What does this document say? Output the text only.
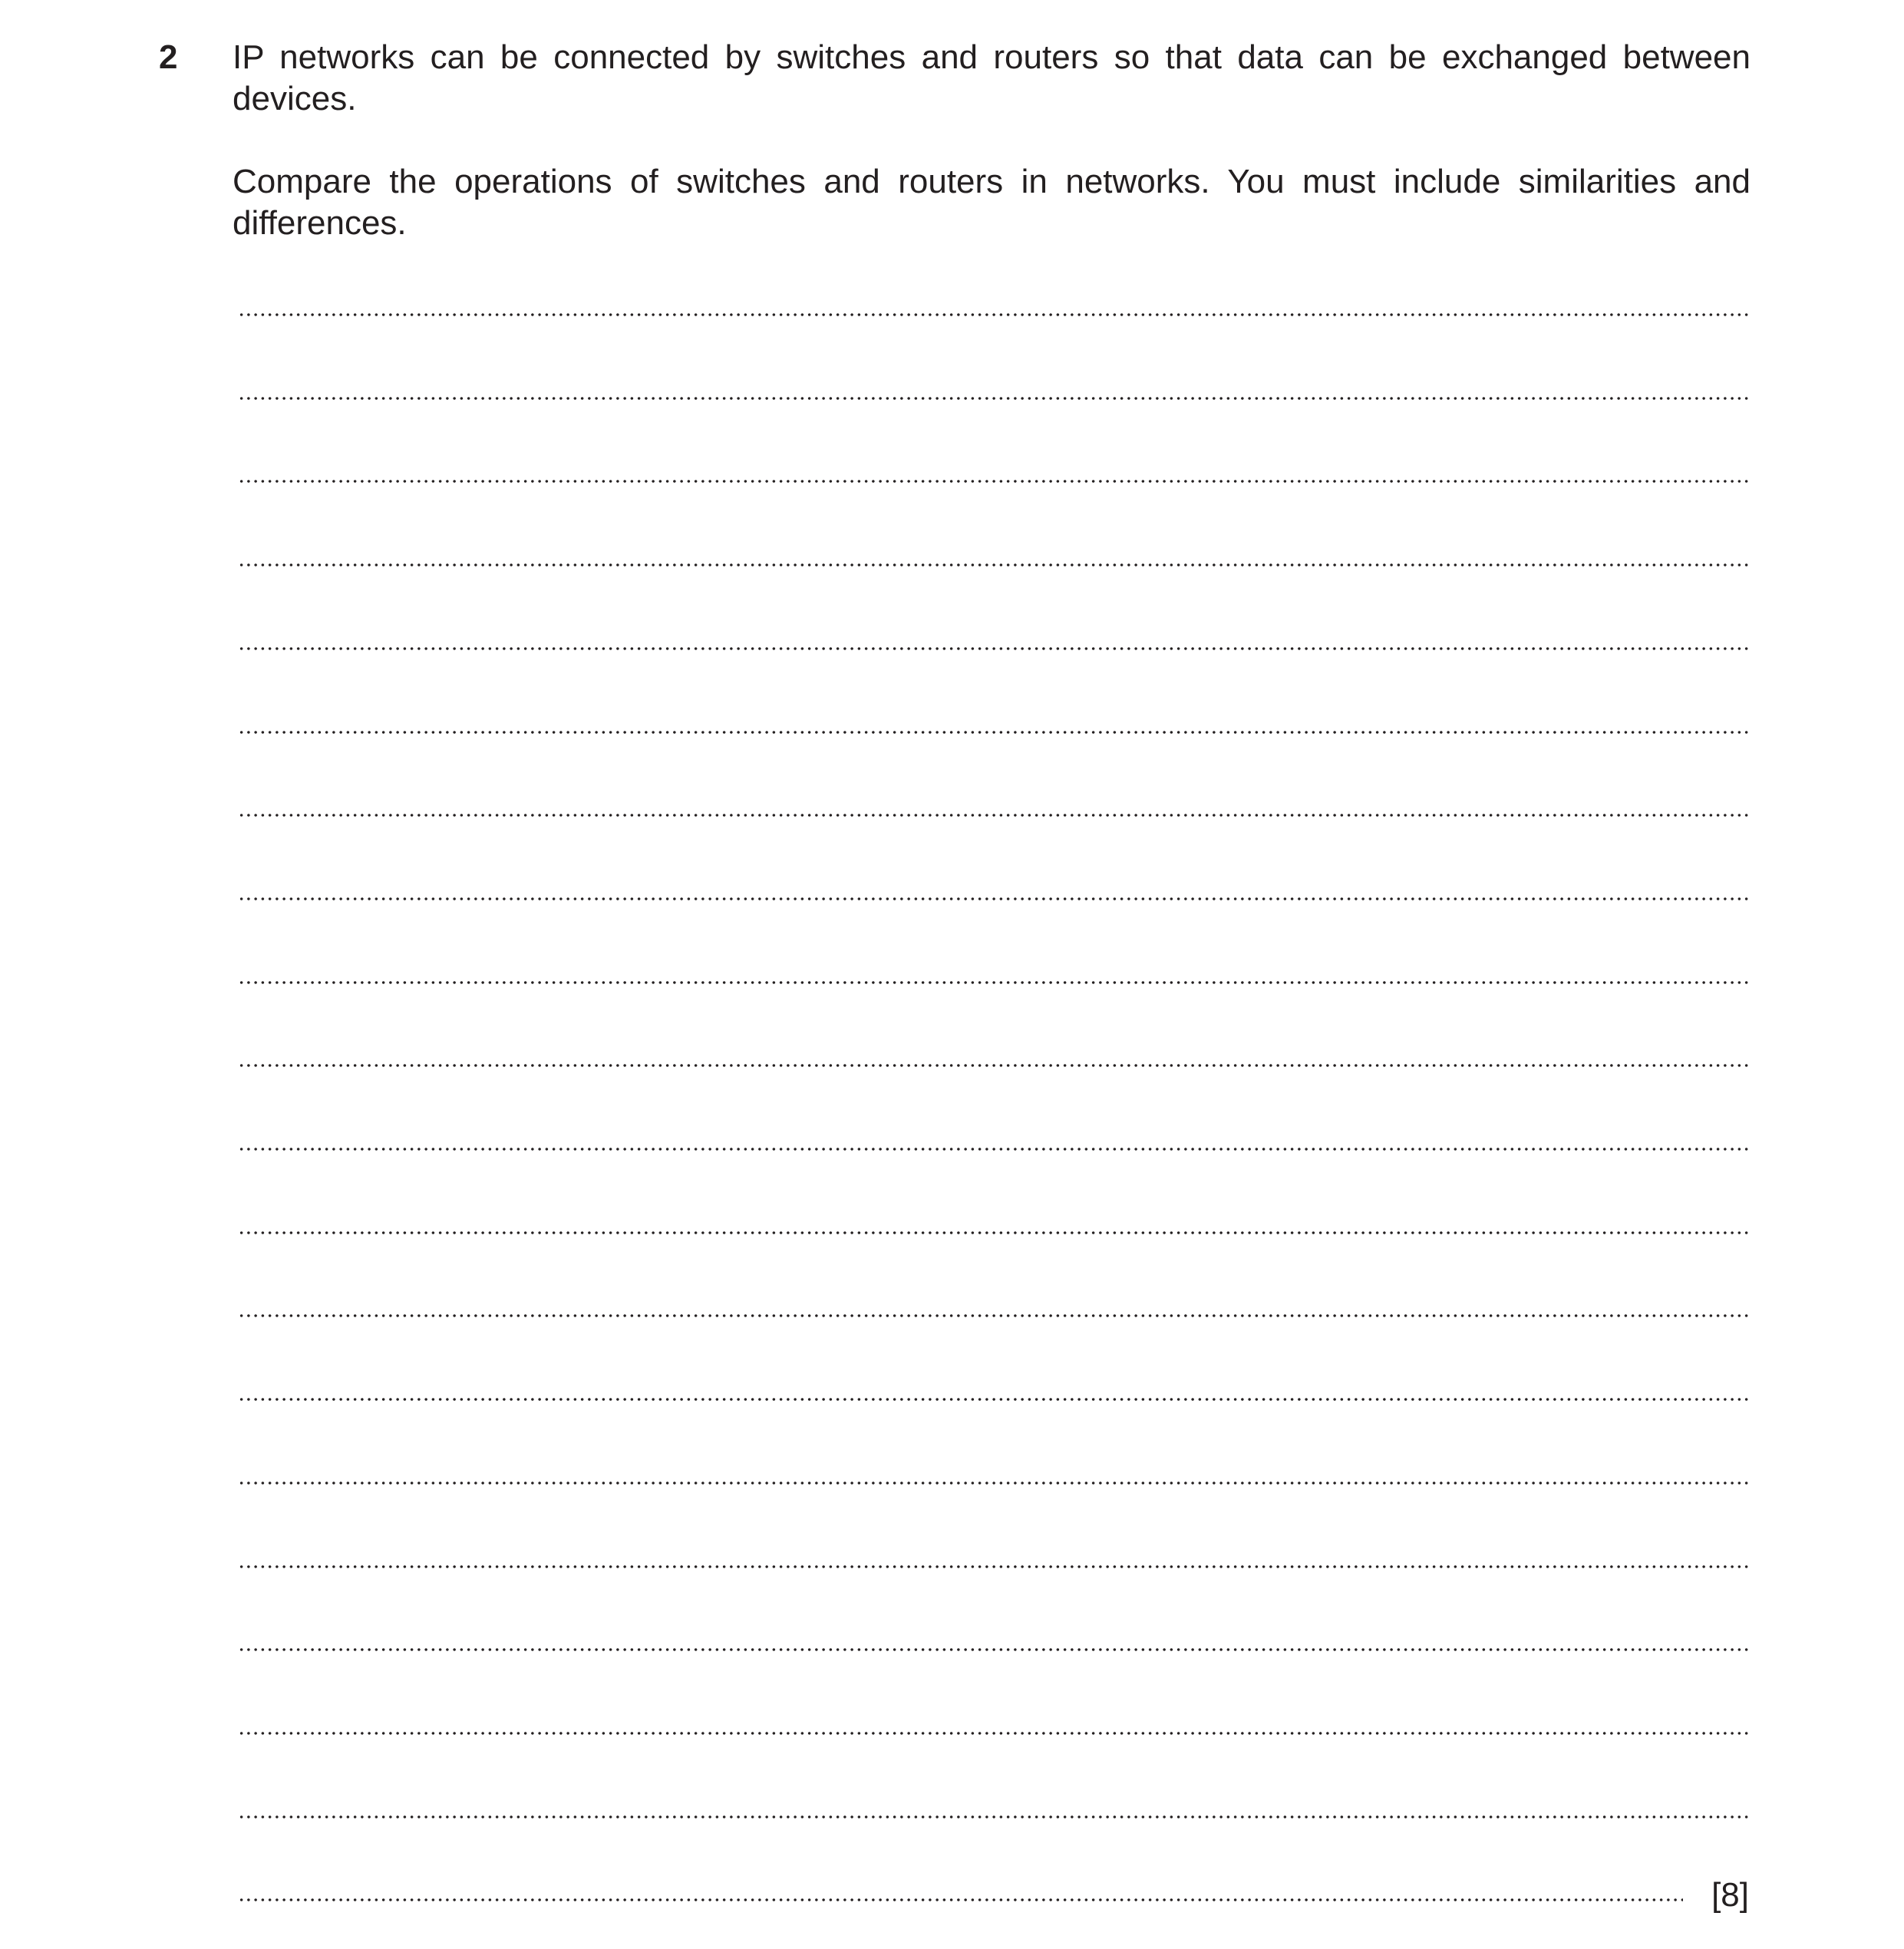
2 IP networks can be connected by switches and routers so that data can be exchanged between devices.

Compare the operations of switches and routers in networks. You must include similarities and differences.

[8]
